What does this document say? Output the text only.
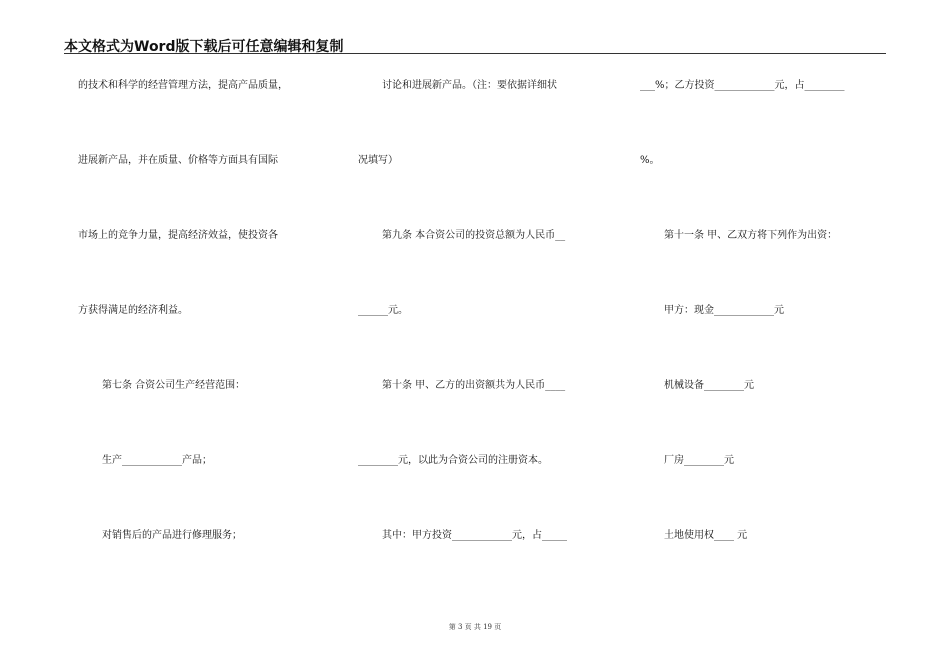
本文格式为Word版下载后可任意编辑和复制
的技术和科学的经营管理方法，提高产品质量，
进展新产品，并在质量、价格等方面具有国际
市场上的竞争力量，提高经济效益，使投资各
方获得满足的经济利益。
第七条 合资公司生产经营范围：
生产____________产品；
对销售后的产品进行修理服务；
讨论和进展新产品。（注：要依据详细状
况填写）
第九条 本合资公司的投资总额为人民币__
______元。
第十条 甲、乙方的出资额共为人民币____
________元，以此为合资公司的注册资本。
其中：甲方投资____________元，占_____
___%；乙方投资____________元，占________
%。
第十一条 甲、乙双方将下列作为出资：
甲方：现金____________元
机械设备________元
厂房________元
土地使用权____ 元
第 3 页 共 19 页
